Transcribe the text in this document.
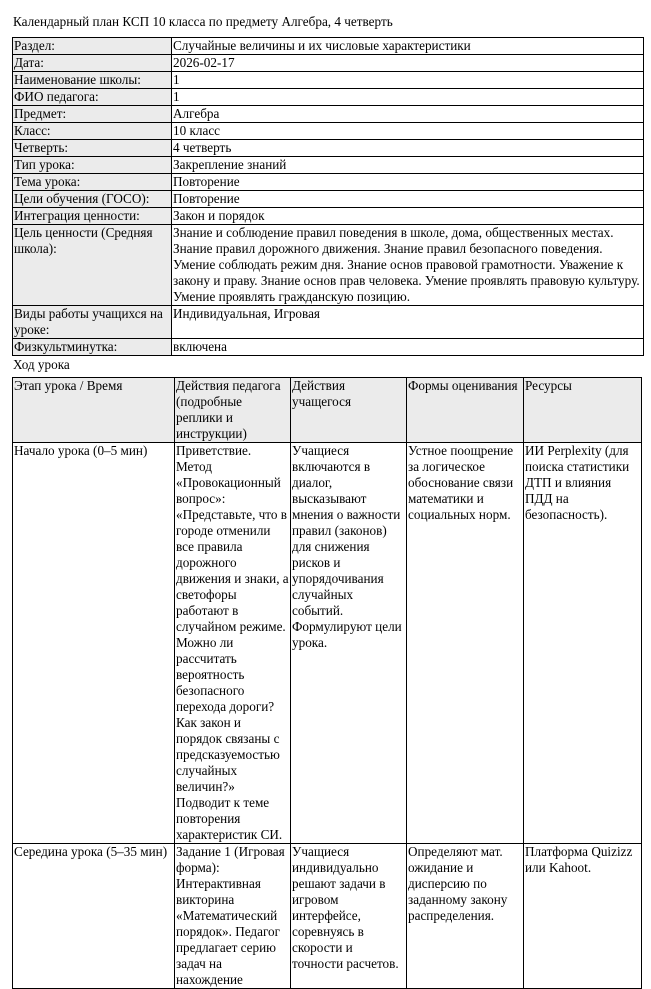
Календарный план КСП 10 класса по предмету Алгебра, 4 четверть
Раздел:	Случайные величины и их числовые характеристики
Дата:	2026-02-17
Наименование школы:	1
ФИО педагога:	1
Предмет:	Алгебра
Класс:	10 класс
Четверть:	4 четверть
Тип урока:	Закрепление знаний
Тема урока:	Повторение
Цели обучения (ГОСО):	Повторение
Интеграция ценности:	Закон и порядок
Цель ценности (Средняя школа):	Знание и соблюдение правил поведения в школе, дома, общественных местах. Знание правил дорожного движения. Знание правил безопасного поведения. Умение соблюдать режим дня. Знание основ правовой грамотности. Уважение к закону и праву. Знание основ прав человека. Умение проявлять правовую культуру. Умение проявлять гражданскую позицию.
Виды работы учащихся на уроке:	Индивидуальная, Игровая
Физкультминутка:	включена
Ход урока
Этап урока / Время	Действия педагога (подробные реплики и инструкции)	Действия учащегося	Формы оценивания	Ресурсы
Начало урока (0–5 мин)	Приветствие. Метод «Провокационный вопрос»: «Представьте, что в городе отменили все правила дорожного движения и знаки, а светофоры работают в случайном режиме. Можно ли рассчитать вероятность безопасного перехода дороги? Как закон и порядок связаны с предсказуемостью случайных величин?» Подводит к теме повторения характеристик СИ.	Учащиеся включаются в диалог, высказывают мнения о важности правил (законов) для снижения рисков и упорядочивания случайных событий. Формулируют цели урока.	Устное поощрение за логическое обоснование связи математики и социальных норм.	ИИ Perplexity (для поиска статистики ДТП и влияния ПДД на безопасность).
Середина урока (5–35 мин)	Задание 1 (Игровая форма): Интерактивная викторина «Математический порядок». Педагог предлагает серию задач на нахождение	Учащиеся индивидуально решают задачи в игровом интерфейсе, соревнуясь в скорости и точности расчетов.	Определяют мат. ожидание и дисперсию по заданному закону распределения.	Платформа Quizizz или Kahoot.
